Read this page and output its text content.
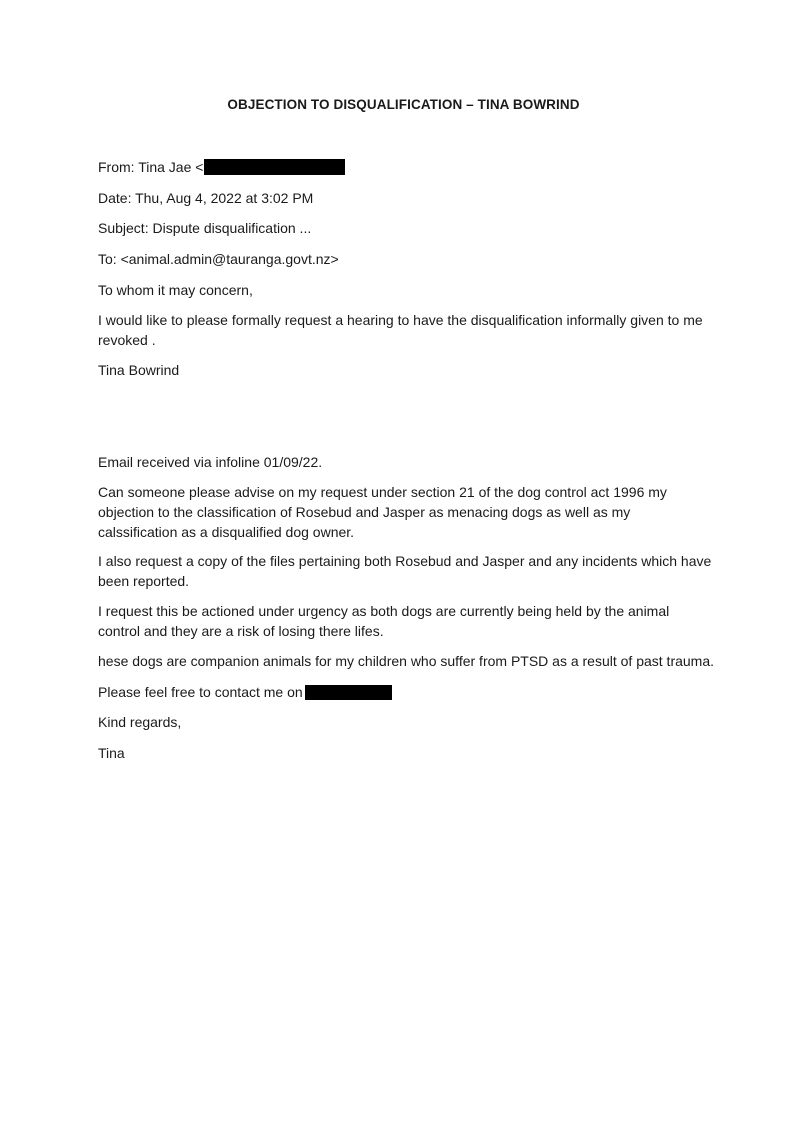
OBJECTION TO DISQUALIFICATION – TINA BOWRIND
From: Tina Jae <
Date: Thu, Aug 4, 2022 at 3:02 PM
Subject: Dispute disqualification ...
To: <animal.admin@tauranga.govt.nz>
To whom it may concern,
I would like to please formally request a hearing to have the disqualification informally given to me revoked .
Tina Bowrind
Email received via infoline 01/09/22.
Can someone please advise on my request under section 21 of the dog control act 1996 my objection to the classification of Rosebud and Jasper as menacing dogs as well as my calssification as a disqualified dog owner.
I also request a copy of the files pertaining both Rosebud and Jasper and any incidents which have been reported.
I request this be actioned under urgency as both dogs are currently being held by the animal control and they are a risk of losing there lifes.
hese dogs are companion animals for my children who suffer from PTSD as a result of past trauma.
Please feel free to contact me on
Kind regards,
Tina
